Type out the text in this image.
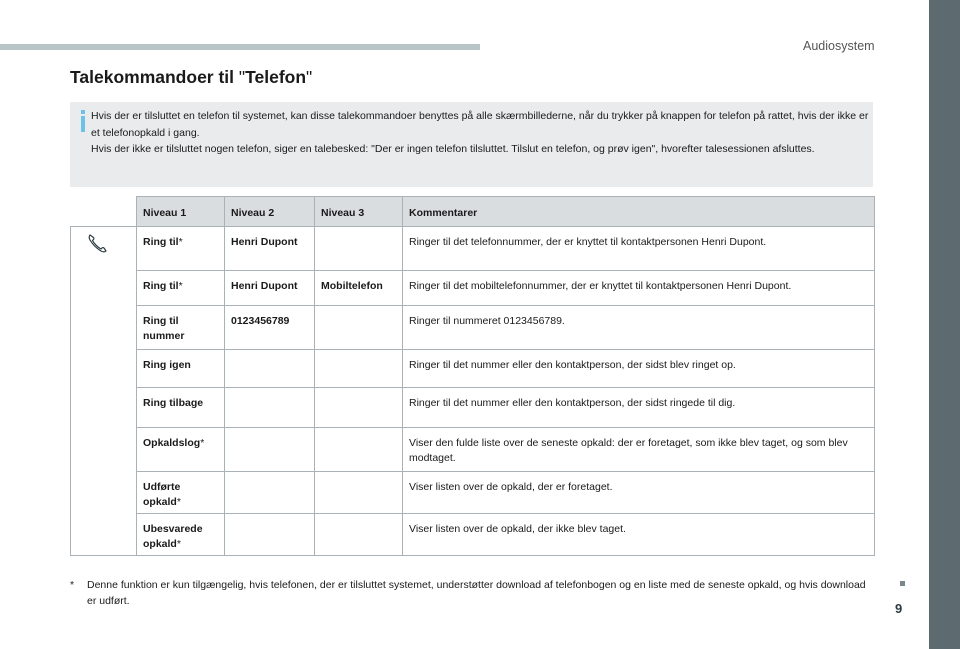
Audiosystem
9
Talekommandoer til "Telefon"

Hvis der er tilsluttet en telefon til systemet, kan disse talekommandoer benyttes på alle skærmbillederne, når du trykker på knappen for telefon på rattet, hvis der ikke er et telefonopkald i gang.

Hvis der ikke er tilsluttet nogen telefon, siger en talebesked: "Der er ingen telefon tilsluttet. Tilslut en telefon, og prøv igen", hvorefter talesessionen afsluttes.

	Niveau 1	Niveau 2	Niveau 3	Kommentarer
	Ring til*	Henri Dupont		Ringer til det telefonnummer, der er knyttet til kontaktpersonen Henri Dupont.
	Ring til*	Henri Dupont	Mobiltelefon	Ringer til det mobiltelefonnummer, der er knyttet til kontaktpersonen Henri Dupont.
	Ring til nummer	0123456789		Ringer til nummeret 0123456789.
	Ring igen			Ringer til det nummer eller den kontaktperson, der sidst blev ringet op.
	Ring tilbage			Ringer til det nummer eller den kontaktperson, der sidst ringede til dig.
	Opkaldslog*			Viser den fulde liste over de seneste opkald: der er foretaget, som ikke blev taget, og som blev modtaget.
	Udførte opkald*			Viser listen over de opkald, der er foretaget.
	Ubesvarede opkald*			Viser listen over de opkald, der ikke blev taget.
* Denne funktion er kun tilgængelig, hvis telefonen, der er tilsluttet systemet, understøtter download af telefonbogen og en liste med de seneste opkald, og hvis download er udført.
